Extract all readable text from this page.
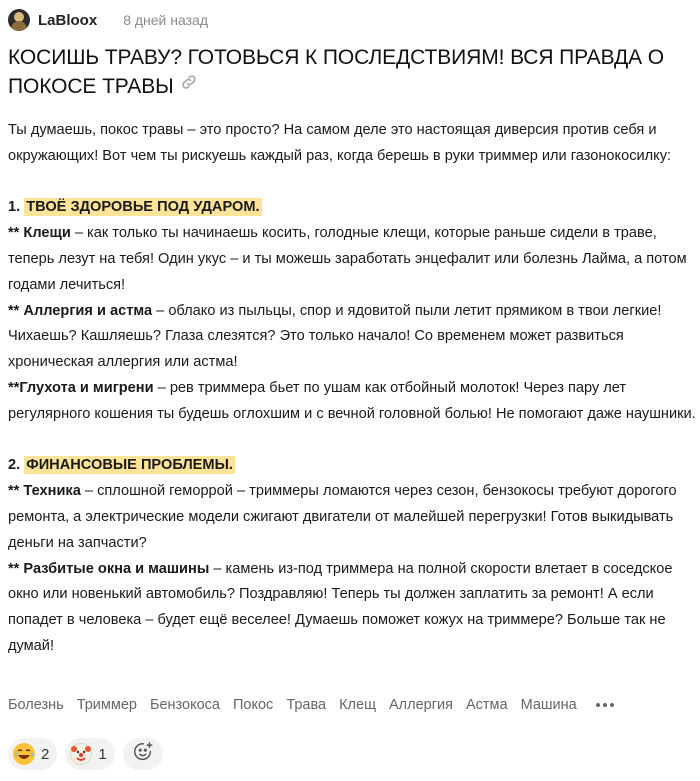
LaBloox 8 дней назад
КОСИШЬ ТРАВУ? ГОТОВЬСЯ К ПОСЛЕДСТВИЯМ! ВСЯ ПРАВДА О ПОКОСЕ ТРАВЫ

Ты думаешь, покос травы – это просто? На самом деле это настоящая диверсия против себя и окружающих! Вот чем ты рискуешь каждый раз, когда берешь в руки триммер или газонокосилку:

1. ТВОЁ ЗДОРОВЬЕ ПОД УДАРОМ.

** Клещи – как только ты начинаешь косить, голодные клещи, которые раньше сидели в траве, теперь лезут на тебя! Один укус – и ты можешь заработать энцефалит или болезнь Лайма, а потом годами лечиться!

** Аллергия и астма – облако из пыльцы, спор и ядовитой пыли летит прямиком в твои легкие! Чихаешь? Кашляешь? Глаза слезятся? Это только начало! Со временем может развиться хроническая аллергия или астма!

**Глухота и мигрени – рев триммера бьет по ушам как отбойный молоток! Через пару лет регулярного кошения ты будешь оглохшим и с вечной головной болью! Не помогают даже наушники.

2. ФИНАНСОВЫЕ ПРОБЛЕМЫ.

** Техника – сплошной геморрой – триммеры ломаются через сезон, бензокосы требуют дорогого ремонта, а электрические модели сжигают двигатели от малейшей перегрузки! Готов выкидывать деньги на запчасти?

** Разбитые окна и машины – камень из-под триммера на полной скорости влетает в соседское окно или новенький автомобиль? Поздравляю! Теперь ты должен заплатить за ремонт! А если попадет в человека – будет ещё веселее! Думаешь поможет кожух на триммере? Больше так не думай!

Болезнь Триммер Бензокоса Покос Трава Клещ Аллергия Астма Машина
2	1
